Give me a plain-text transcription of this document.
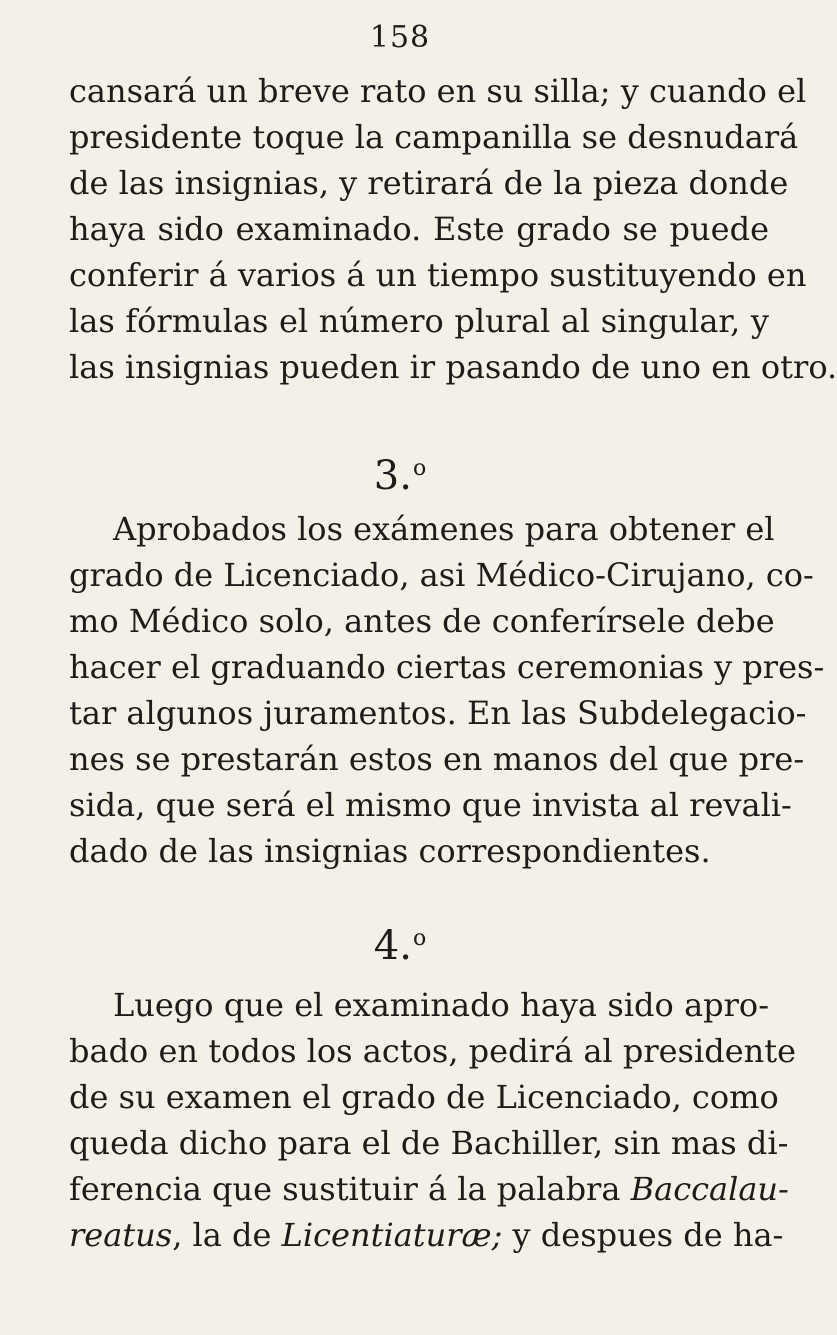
158
cansará un breve rato en su silla; y cuando el
presidente toque la campanilla se desnudará
de las insignias, y retirará de la pieza donde
haya sido examinado. Este grado se puede
conferir á varios á un tiempo sustituyendo en
las fórmulas el número plural al singular, y
las insignias pueden ir pasando de uno en otro.
3.$^o$
Aprobados los exámenes para obtener el
grado de Licenciado, asi Médico-Cirujano, co-
mo Médico solo, antes de conferírsele debe
hacer el graduando ciertas ceremonias y pres-
tar algunos juramentos. En las Subdelegacio-
nes se prestarán estos en manos del que pre-
sida, que será el mismo que invista al revali-
dado de las insignias correspondientes.
4.$^o$
Luego que el examinado haya sido apro-
bado en todos los actos, pedirá al presidente
de su examen el grado de Licenciado, como
queda dicho para el de Bachiller, sin mas di-
ferencia que sustituir á la palabra Baccalau-
reatus, la de Licentiaturæ; y despues de ha-
